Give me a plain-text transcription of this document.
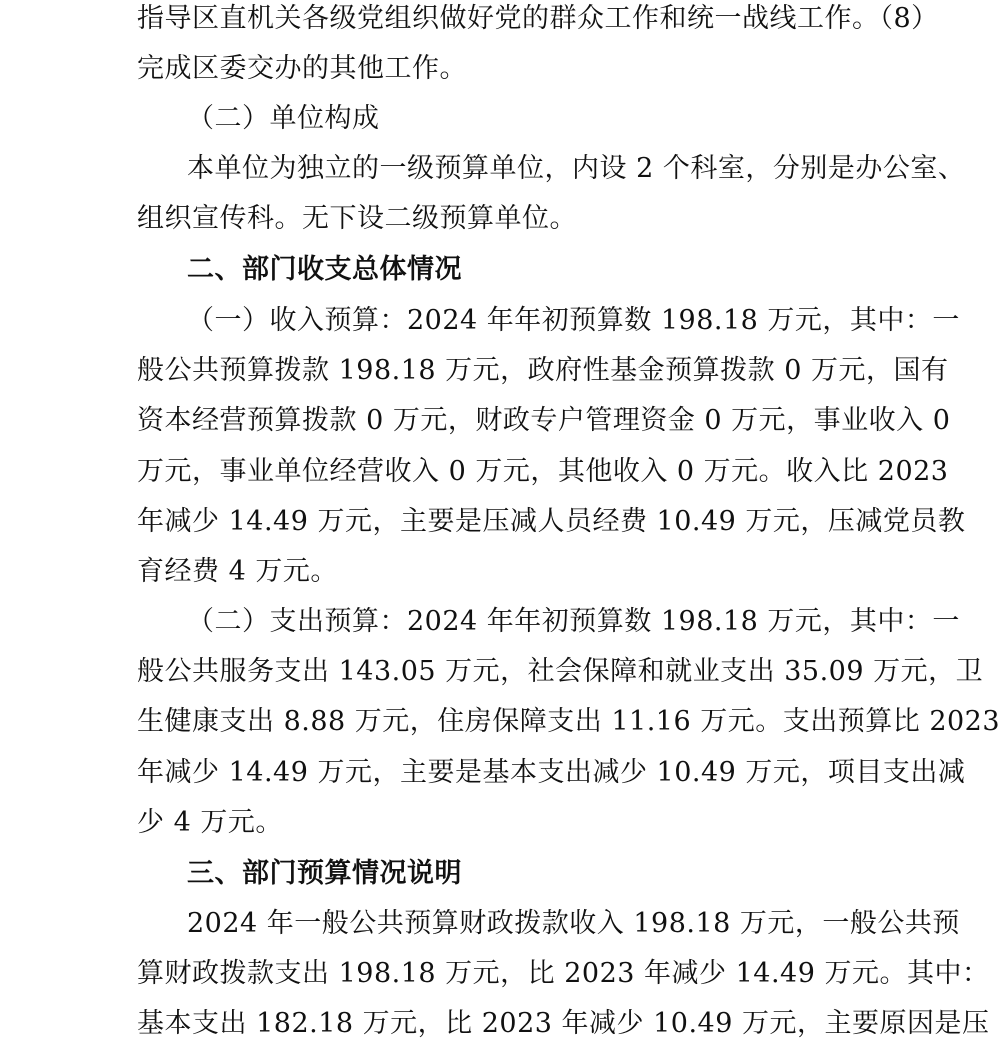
指导区直机关各级党组织做好党的群众工作和统一战线工作。（8）
完成区委交办的其他工作。
（二）单位构成
本单位为独立的一级预算单位，内设 2 个科室，分别是办公室、
组织宣传科。无下设二级预算单位。
二、部门收支总体情况
（一）收入预算：2024 年年初预算数 198.18 万元，其中：一
般公共预算拨款 198.18 万元，政府性基金预算拨款 0 万元，国有
资本经营预算拨款 0 万元，财政专户管理资金 0 万元，事业收入 0
万元，事业单位经营收入 0 万元，其他收入 0 万元。收入比 2023
年减少 14.49 万元，主要是压减人员经费 10.49 万元，压减党员教
育经费 4 万元。
（二）支出预算：2024 年年初预算数 198.18 万元，其中：一
般公共服务支出 143.05 万元，社会保障和就业支出 35.09 万元，卫
生健康支出 8.88 万元，住房保障支出 11.16 万元。支出预算比 2023
年减少 14.49 万元，主要是基本支出减少 10.49 万元，项目支出减
少 4 万元。
三、部门预算情况说明
2024 年一般公共预算财政拨款收入 198.18 万元，一般公共预
算财政拨款支出 198.18 万元，比 2023 年减少 14.49 万元。其中：
基本支出 182.18 万元，比 2023 年减少 10.49 万元，主要原因是压
